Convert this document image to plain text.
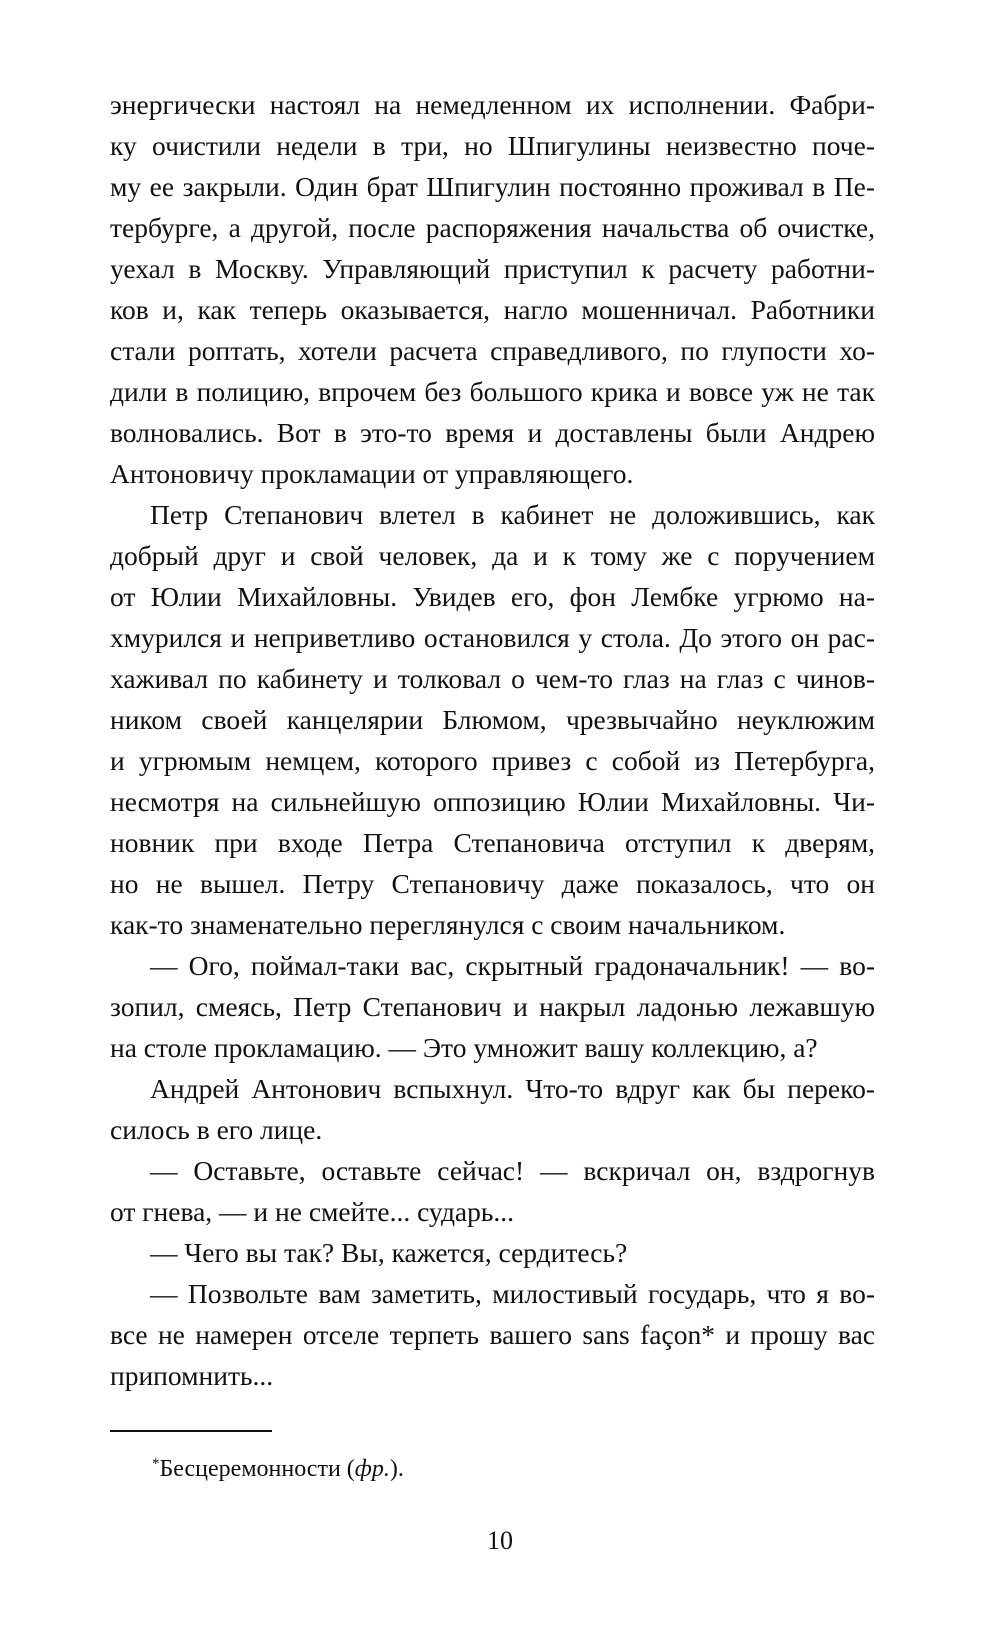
энергически настоял на немедленном их исполнении. Фабри-
ку очистили недели в три, но Шпигулины неизвестно поче-
му ее закрыли. Один брат Шпигулин постоянно проживал в Пе-
тербурге, а другой, после распоряжения начальства об очистке,
уехал в Москву. Управляющий приступил к расчету работни-
ков и, как теперь оказывается, нагло мошенничал. Работники
стали роптать, хотели расчета справедливого, по глупости хо-
дили в полицию, впрочем без большого крика и вовсе уж не так
волновались. Вот в это-то время и доставлены были Андрею
Антоновичу прокламации от управляющего.
Петр Степанович влетел в кабинет не доложившись, как
добрый друг и свой человек, да и к тому же с поручением
от Юлии Михайловны. Увидев его, фон Лембке угрюмо на-
хмурился и неприветливо остановился у стола. До этого он рас-
хаживал по кабинету и толковал о чем-то глаз на глаз с чинов-
ником своей канцелярии Блюмом, чрезвычайно неуклюжим
и угрюмым немцем, которого привез с собой из Петербурга,
несмотря на сильнейшую оппозицию Юлии Михайловны. Чи-
новник при входе Петра Степановича отступил к дверям,
но не вышел. Петру Степановичу даже показалось, что он
как-то знаменательно переглянулся с своим начальником.
— Ого, поймал-таки вас, скрытный градоначальник! — во-
зопил, смеясь, Петр Степанович и накрыл ладонью лежавшую
на столе прокламацию. — Это умножит вашу коллекцию, а?
Андрей Антонович вспыхнул. Что-то вдруг как бы переко-
силось в его лице.
— Оставьте, оставьте сейчас! — вскричал он, вздрогнув
от гнева, — и не смейте... сударь...
— Чего вы так? Вы, кажется, сердитесь?
— Позвольте вам заметить, милостивый государь, что я во-
все не намерен отселе терпеть вашего sans façon* и прошу вас
припомнить...
*Бесцеремонности (фр.).
10
